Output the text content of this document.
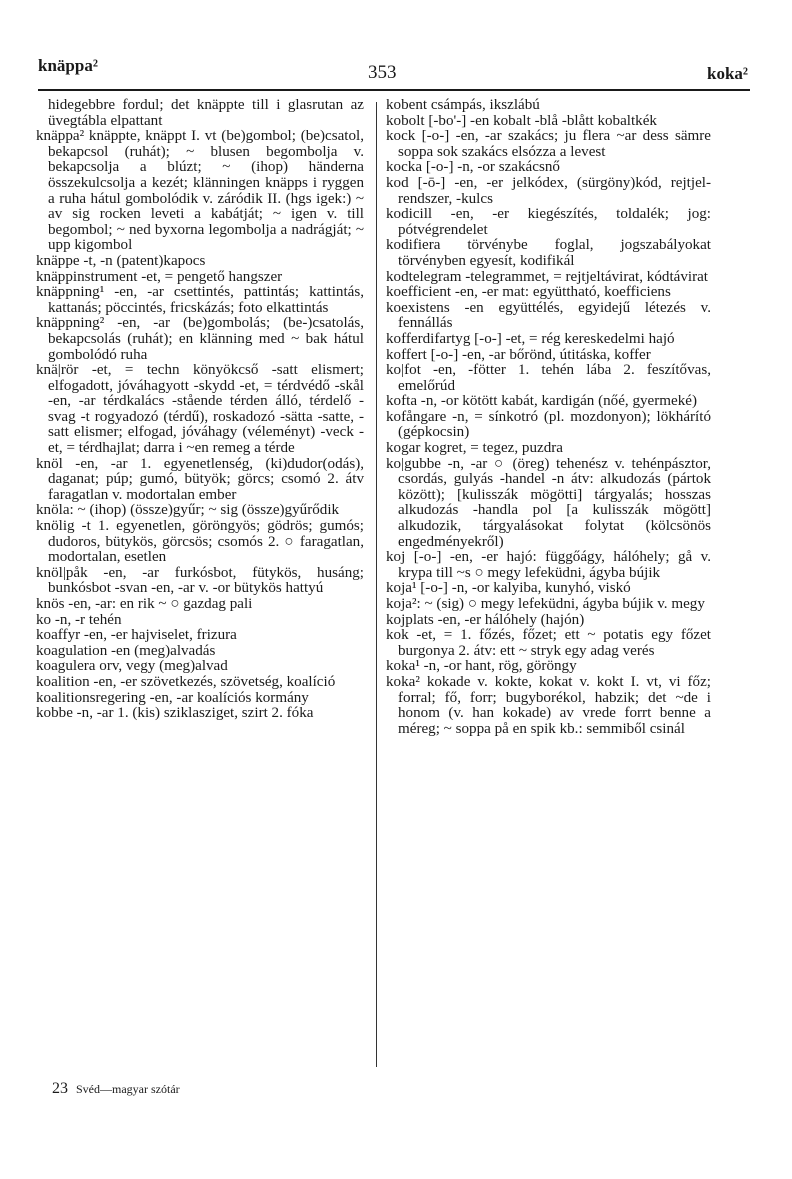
knäppa²	353	koka²

hidegebbre fordul; det knäppte till i glasrutan az üvegtábla elpattant

knäppa² knäppte, knäppt I. vt (be)gombol; (be)csatol, bekapcsol (ruhát); ~ blusen begombolja v. bekapcsolja a blúzt; ~ (ihop) händerna összekulcsolja a kezét; klänningen knäpps i ryggen a ruha hátul gombolódik v. záródik II. (hgs igek:) ~ av sig rocken leveti a kabátját; ~ igen v. till begombol; ~ ned byxorna legombolja a nadrágját; ~ upp kigombol

knäppe -t, -n (patent)kapocs

knäppinstrument -et, = pengető hangszer

knäppning¹ -en, -ar csettintés, pattintás; kattintás, kattanás; pöccintés, fricskázás; foto elkattintás

knäppning² -en, -ar (be)gombolás; (be-)csatolás, bekapcsolás (ruhát); en klänning med ~ bak hátul gombolódó ruha

knä|rör -et, = techn könyökcső -satt elismert; elfogadott, jóváhagyott -skydd -et, = térdvédő -skål -en, -ar térdkalács -stående térden álló, térdelő -svag -t rogyadozó (térdű), roskadozó -sätta -satte, -satt elismer; elfogad, jóváhagy (véleményt) -veck -et, = térdhajlat; darra i ~en remeg a térde

knöl -en, -ar 1. egyenetlenség, (ki)dudor(odás), daganat; púp; gumó, bütyök; görcs; csomó 2. átv faragatlan v. modortalan ember

knöla: ~ (ihop) (össze)gyűr; ~ sig (össze)gyűrődik

knölig -t 1. egyenetlen, göröngyös; gödrös; gumós; dudoros, bütykös, görcsös; csomós 2. ○ faragatlan, modortalan, esetlen

knöl|påk -en, -ar furkósbot, fütykös, husáng; bunkósbot -svan -en, -ar v. -or bütykös hattyú

knös -en, -ar: en rik ~ ○ gazdag pali

ko -n, -r tehén

koaffyr -en, -er hajviselet, frizura

koagulation -en (meg)alvadás

koagulera orv, vegy (meg)alvad

koalition -en, -er szövetkezés, szövetség, koalíció

koalitionsregering -en, -ar koalíciós kormány

kobbe -n, -ar 1. (kis) sziklasziget, szirt 2. fóka

kobent csámpás, ikszlábú

kobolt [-bo'-] -en kobalt -blå -blått kobaltkék

kock [-o-] -en, -ar szakács; ju flera ~ar dess sämre soppa sok szakács elsózza a levest

kocka [-o-] -n, -or szakácsnő

kod [-ō-] -en, -er jelkódex, (sürgöny)kód, rejtjel-rendszer, -kulcs

kodicill -en, -er kiegészítés, toldalék; jog: pótvégrendelet

kodifiera törvénybe foglal, jogszabályokat törvényben egyesít, kodifikál

kodtelegram -telegrammet, = rejtjeltávirat, kódtávirat

koefficient -en, -er mat: együttható, koefficiens

koexistens -en együttélés, egyidejű létezés v. fennállás

kofferdifartyg [-o-] -et, = rég kereskedelmi hajó

koffert [-o-] -en, -ar bőrönd, útitáska, koffer

ko|fot -en, -fötter 1. tehén lába 2. feszítővas, emelőrúd

kofta -n, -or kötött kabát, kardigán (nőé, gyermeké)

kofångare -n, = sínkotró (pl. mozdonyon); lökhárító (gépkocsin)

kogar kogret, = tegez, puzdra

ko|gubbe -n, -ar ○ (öreg) tehenész v. tehénpásztor, csordás, gulyás -handel -n átv: alkudozás (pártok között); [kulisszák mögötti] tárgyalás; hosszas alkudozás -handla pol [a kulisszák mögött] alkudozik, tárgyalásokat folytat (kölcsönös engedményekről)

koj [-o-] -en, -er hajó: függőágy, hálóhely; gå v. krypa till ~s ○ megy lefeküdni, ágyba bújik

koja¹ [-o-] -n, -or kalyiba, kunyhó, viskó

koja²: ~ (sig) ○ megy lefeküdni, ágyba bújik v. megy

kojplats -en, -er hálóhely (hajón)

kok -et, = 1. főzés, főzet; ett ~ potatis egy főzet burgonya 2. átv: ett ~ stryk egy adag verés

koka¹ -n, -or hant, rög, göröngy

koka² kokade v. kokte, kokat v. kokt I. vt, vi főz; forral; fő, forr; bugyborékol, habzik; det ~de i honom (v. han kokade) av vrede forrt benne a méreg; ~ soppa på en spik kb.: semmiből csinál

23 Svéd—magyar szótár
